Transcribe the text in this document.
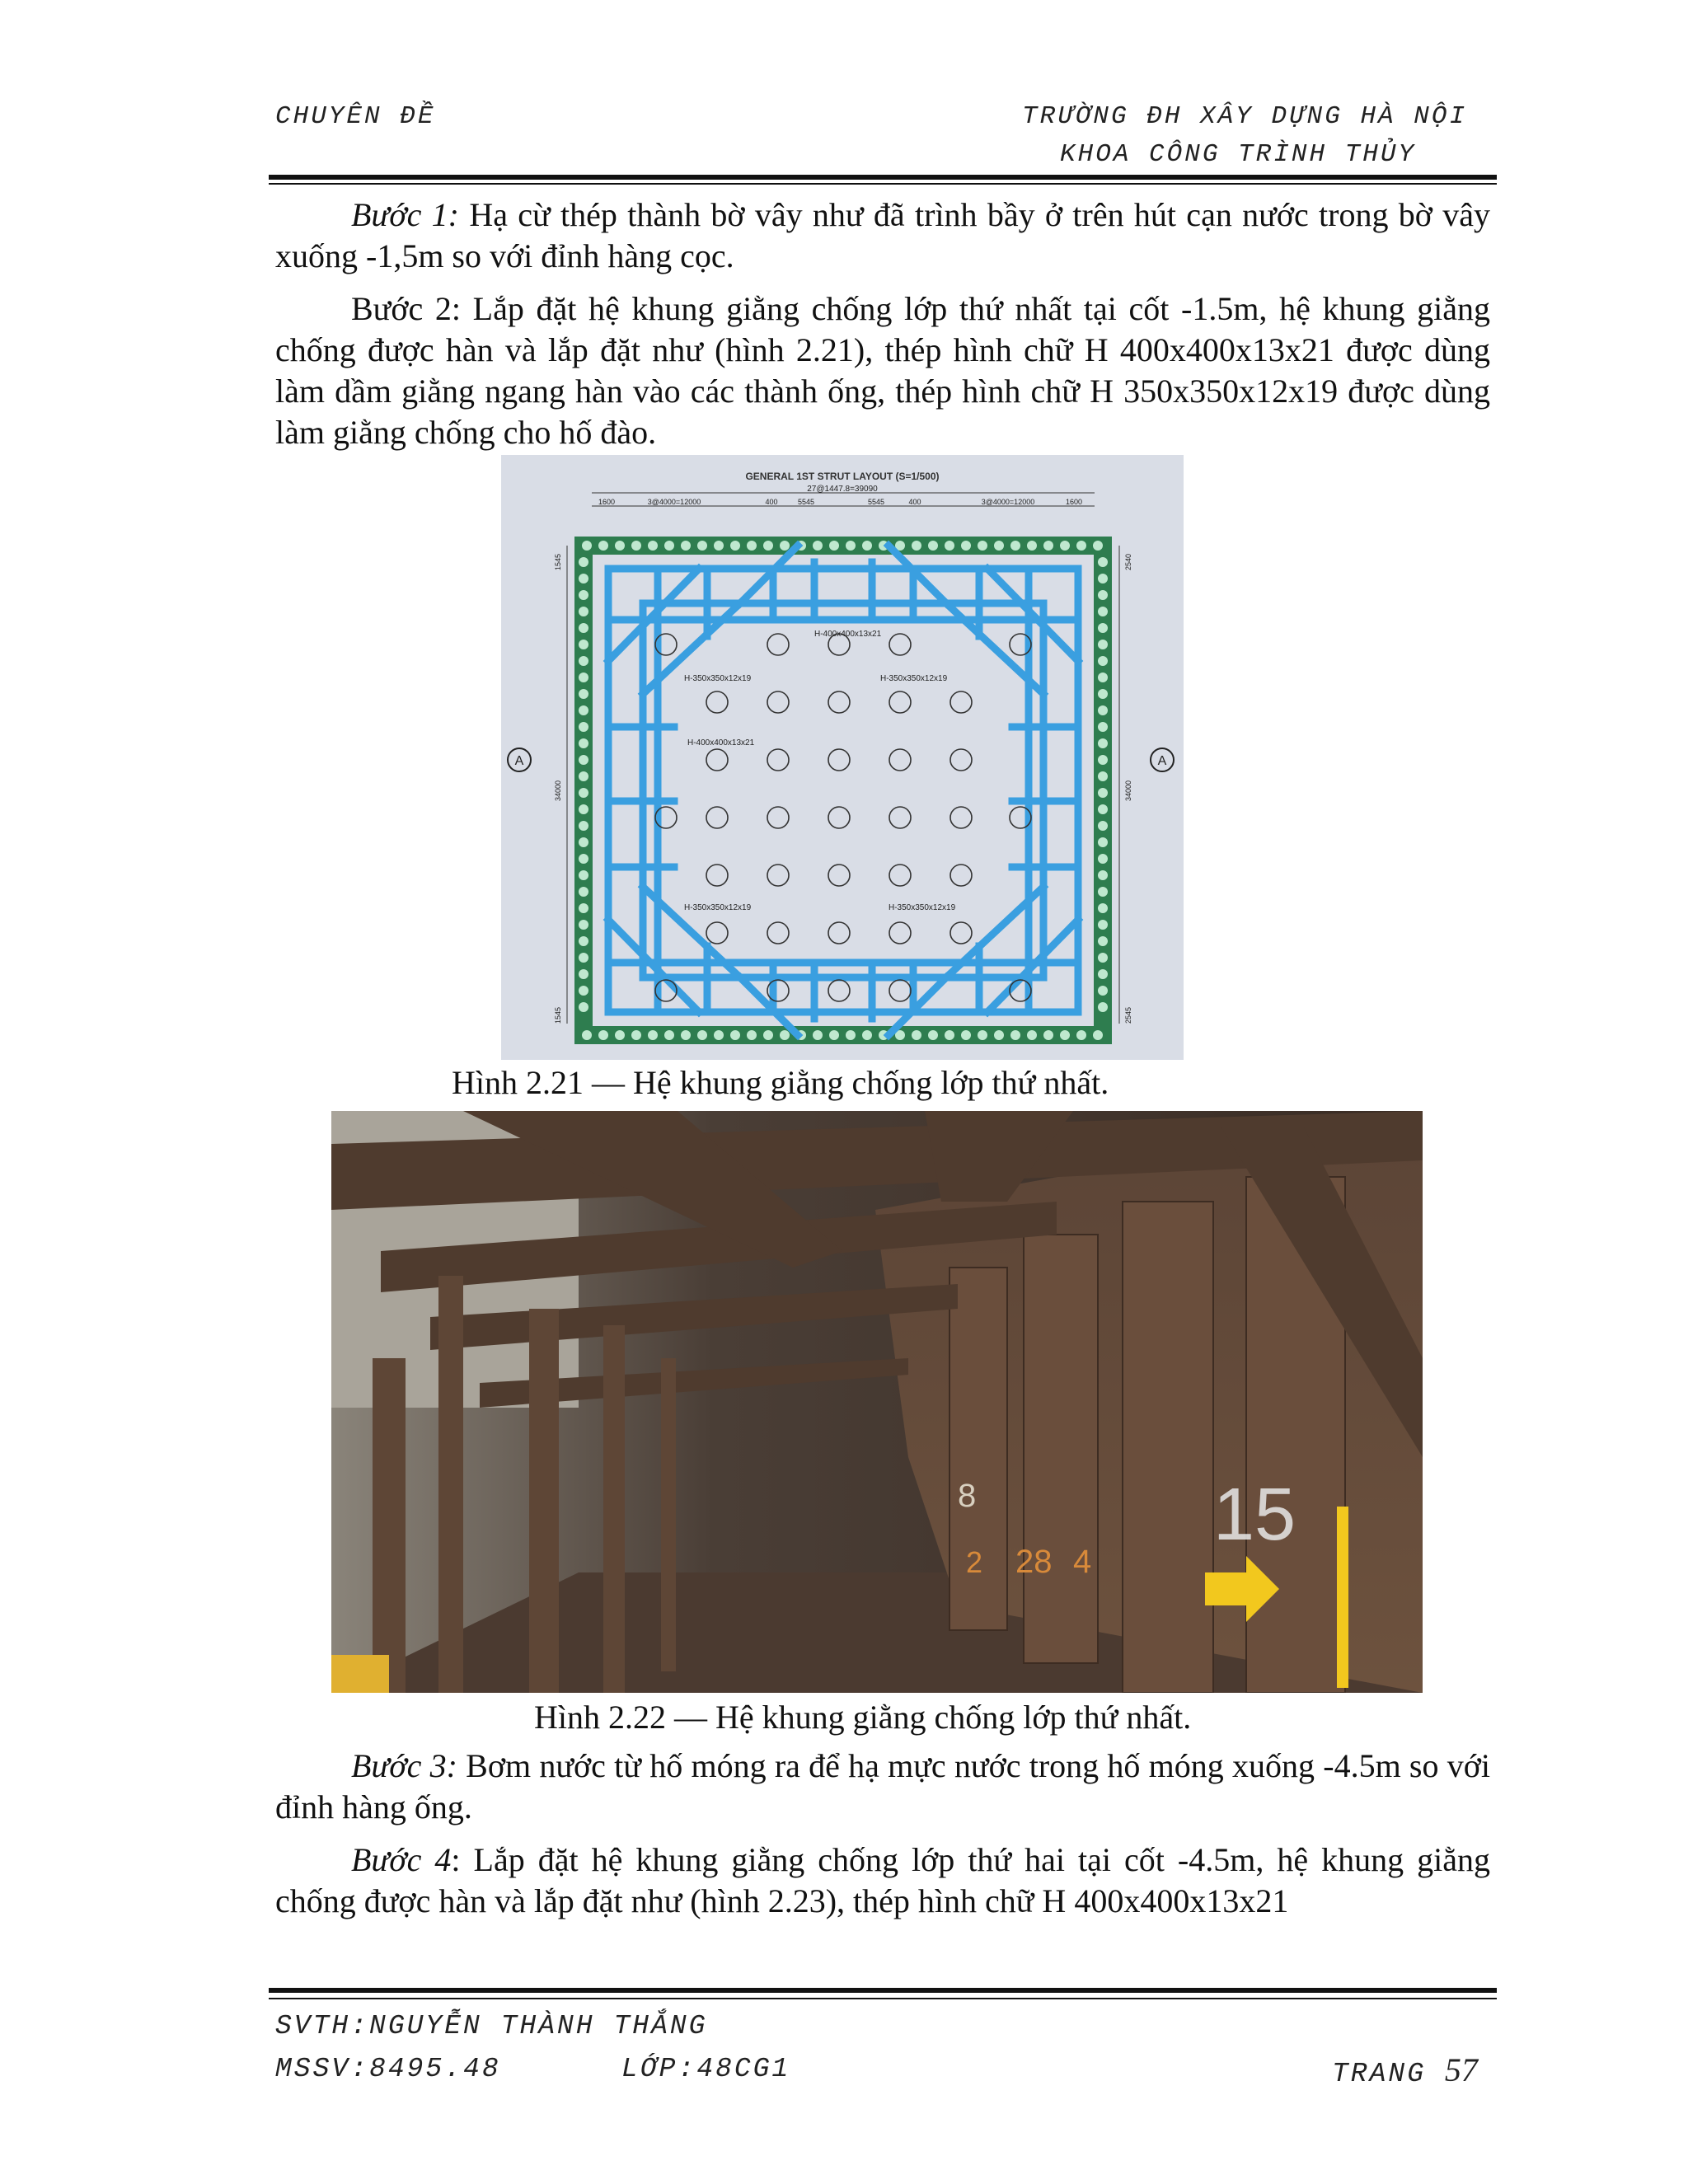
CHUYÊN ĐỀ	TRƯỜNG ĐH XÂY DỰNG HÀ NỘI
KHOA CÔNG TRÌNH THỦY

Bước 1: Hạ cừ thép thành bờ vây như đã trình bầy ở trên hút cạn nước trong bờ vây xuống -1,5m so với đỉnh hàng cọc.

Bước 2: Lắp đặt hệ khung giằng chống lớp thứ nhất tại cốt -1.5m, hệ khung giằng chống được hàn và lắp đặt như (hình 2.21), thép hình chữ H 400x400x13x21 được dùng làm dầm giằng ngang hàn vào các thành ống, thép hình chữ H 350x350x12x19 được dùng làm giằng chống cho hố đào.

GENERAL 1ST STRUT LAYOUT (S=1/500)
27@1447.8=39090
1600	3@4000=12000	400	5545	5545	400	3@4000=12000	1600
1545
1545
34000
2540
2545
34000
A	A
H-400x400x13x21
H-350x350x12x19	H-350x350x12x19
H-400x400x13x21
H-350x350x12x19	H-350x350x12x19
Hình 2.21 — Hệ khung giằng chống lớp thứ nhất.
15
28 4
8
2
Hình 2.22 — Hệ khung giằng chống lớp thứ nhất.

Bước 3: Bơm nước từ hố móng ra để hạ mực nước trong hố móng xuống -4.5m so với đỉnh hàng ống.

Bước 4: Lắp đặt hệ khung giằng chống lớp thứ hai tại cốt -4.5m, hệ khung giằng chống được hàn và lắp đặt như (hình 2.23), thép hình chữ H 400x400x13x21

SVTH:NGUYỄN THÀNH THẮNG
MSSV:8495.48	LỚP:48CG1	TRANG 57
